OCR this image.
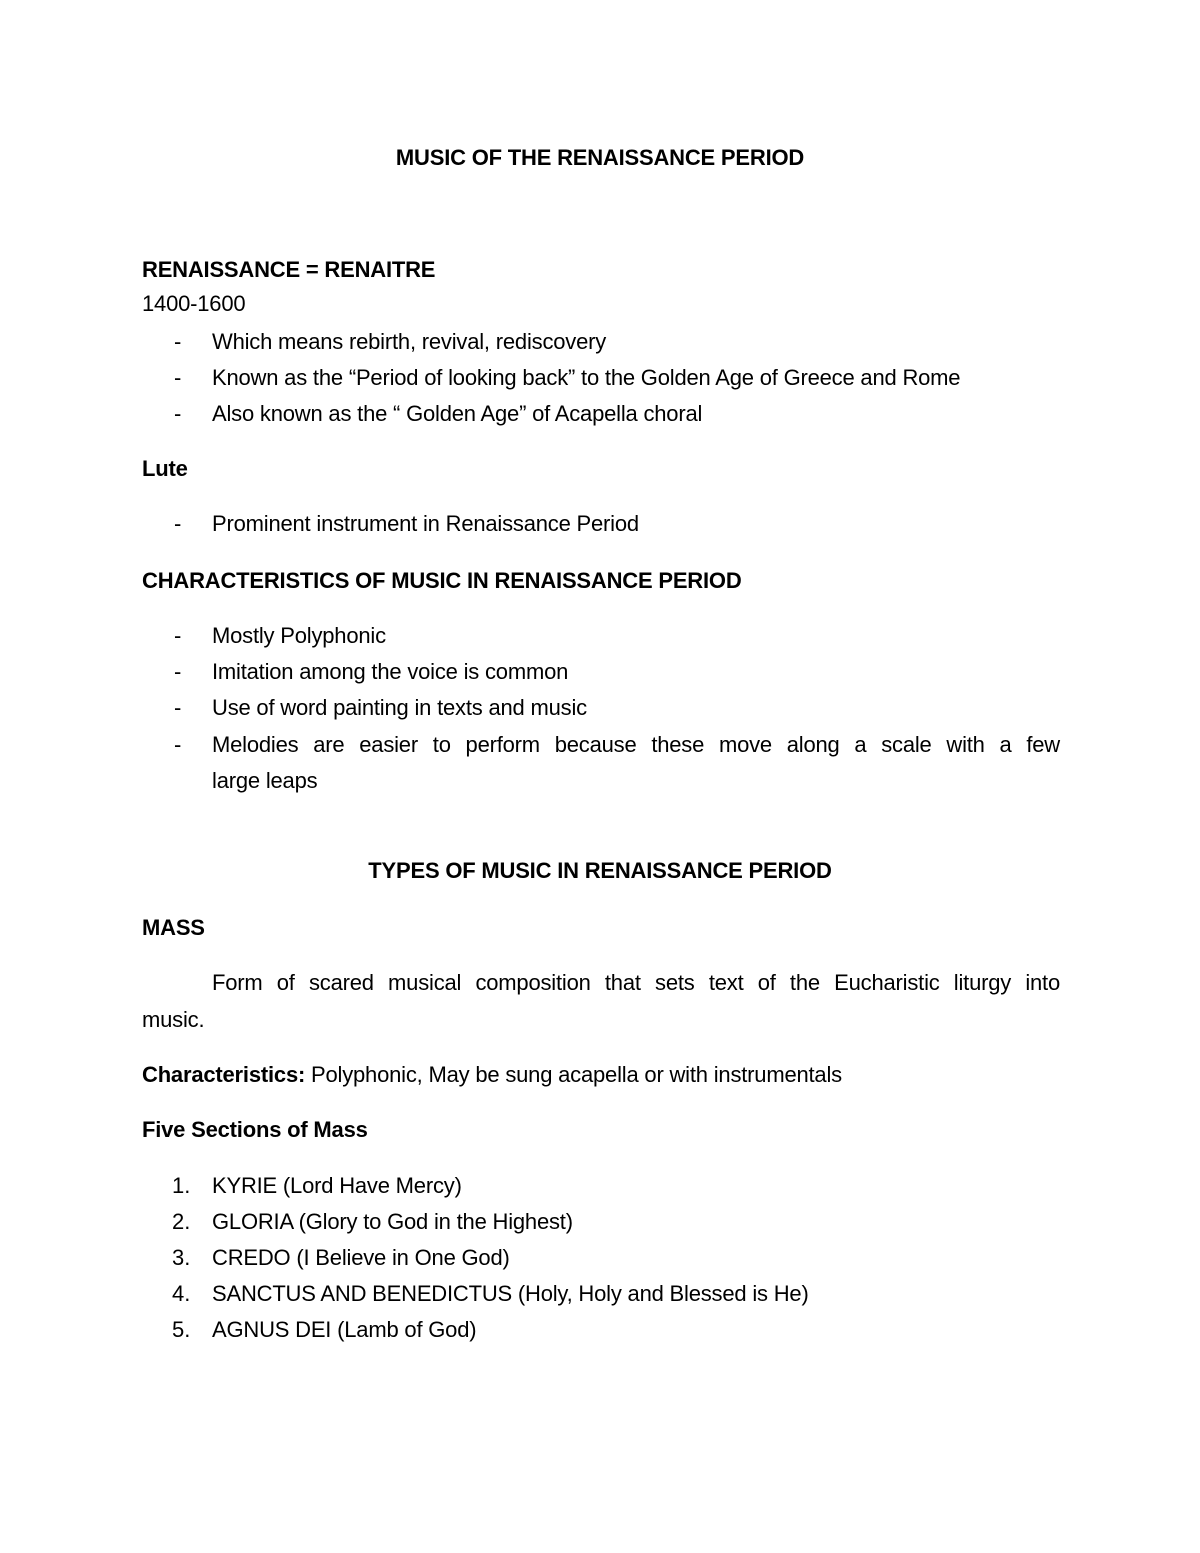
MUSIC OF THE RENAISSANCE PERIOD
RENAISSANCE = RENAITRE
1400-1600
- Which means rebirth, revival, rediscovery
- Known as the “Period of looking back” to the Golden Age of Greece and Rome
- Also known as the “ Golden Age” of Acapella choral
Lute
- Prominent instrument in Renaissance Period
CHARACTERISTICS OF MUSIC IN RENAISSANCE PERIOD
- Mostly Polyphonic
- Imitation among the voice is common
- Use of word painting in texts and music
- Melodies are easier to perform because these move along a scale with a few
large leaps
TYPES OF MUSIC IN RENAISSANCE PERIOD
MASS
Form of scared musical composition that sets text of the Eucharistic liturgy into
music.
Characteristics: Polyphonic, May be sung acapella or with instrumentals
Five Sections of Mass
1. KYRIE (Lord Have Mercy)
2. GLORIA (Glory to God in the Highest)
3. CREDO (I Believe in One God)
4. SANCTUS AND BENEDICTUS (Holy, Holy and Blessed is He)
5. AGNUS DEI (Lamb of God)
